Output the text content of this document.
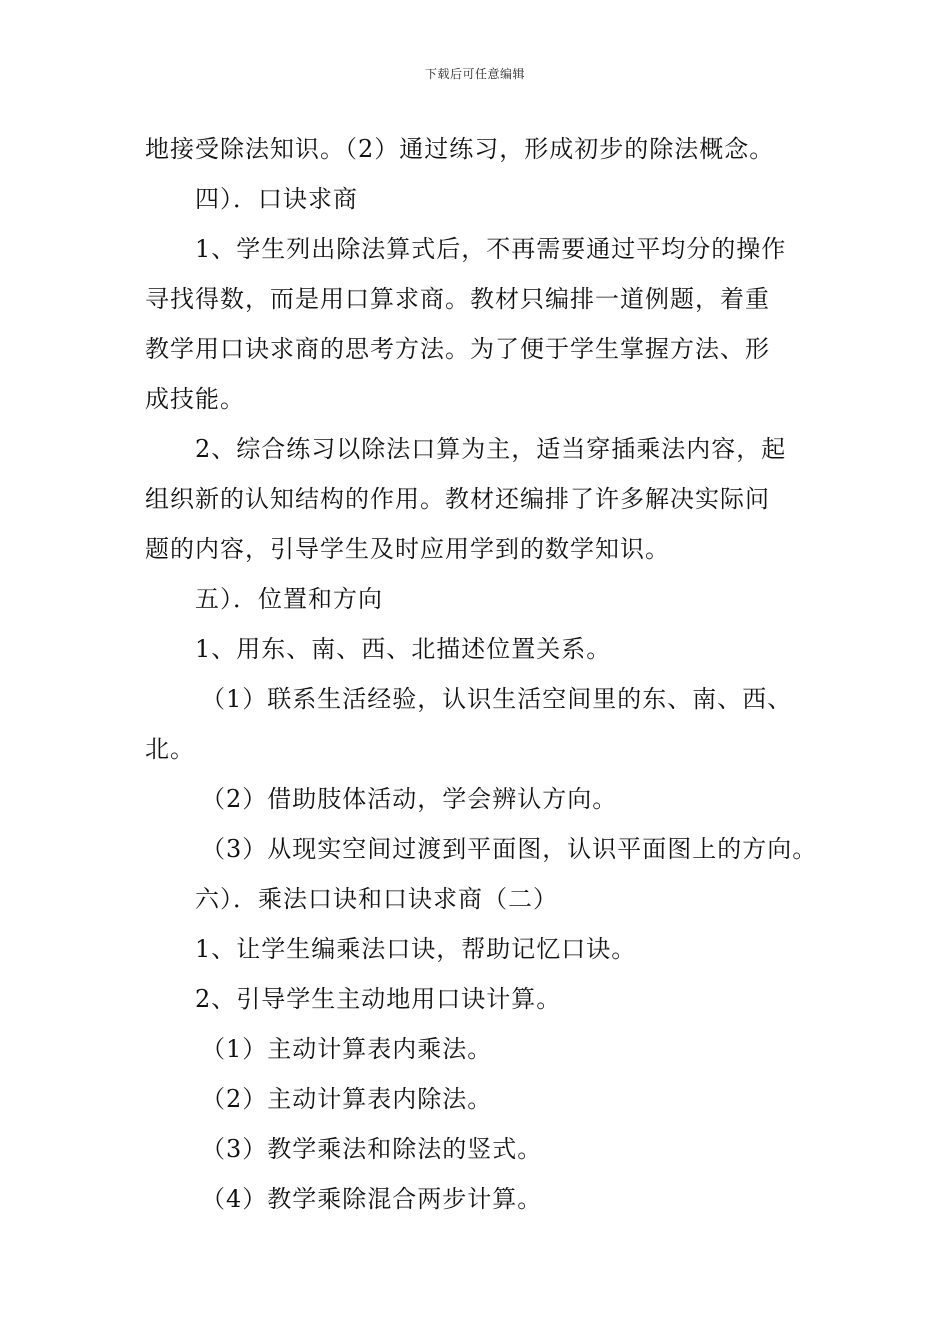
下载后可任意编辑
地接受除法知识。（2）通过练习，形成初步的除法概念。
四）．口诀求商
1、学生列出除法算式后，不再需要通过平均分的操作
寻找得数，而是用口算求商。教材只编排一道例题，着重
教学用口诀求商的思考方法。为了便于学生掌握方法、形
成技能。
2、综合练习以除法口算为主，适当穿插乘法内容，起
组织新的认知结构的作用。教材还编排了许多解决实际问
题的内容，引导学生及时应用学到的数学知识。
五）．位置和方向
1、用东、南、西、北描述位置关系。
（1）联系生活经验，认识生活空间里的东、南、西、
北。
（2）借助肢体活动，学会辨认方向。
（3）从现实空间过渡到平面图，认识平面图上的方向。
六）．乘法口诀和口诀求商（二）
1、让学生编乘法口诀，帮助记忆口诀。
2、引导学生主动地用口诀计算。
（1）主动计算表内乘法。
（2）主动计算表内除法。
（3）教学乘法和除法的竖式。
（4）教学乘除混合两步计算。
